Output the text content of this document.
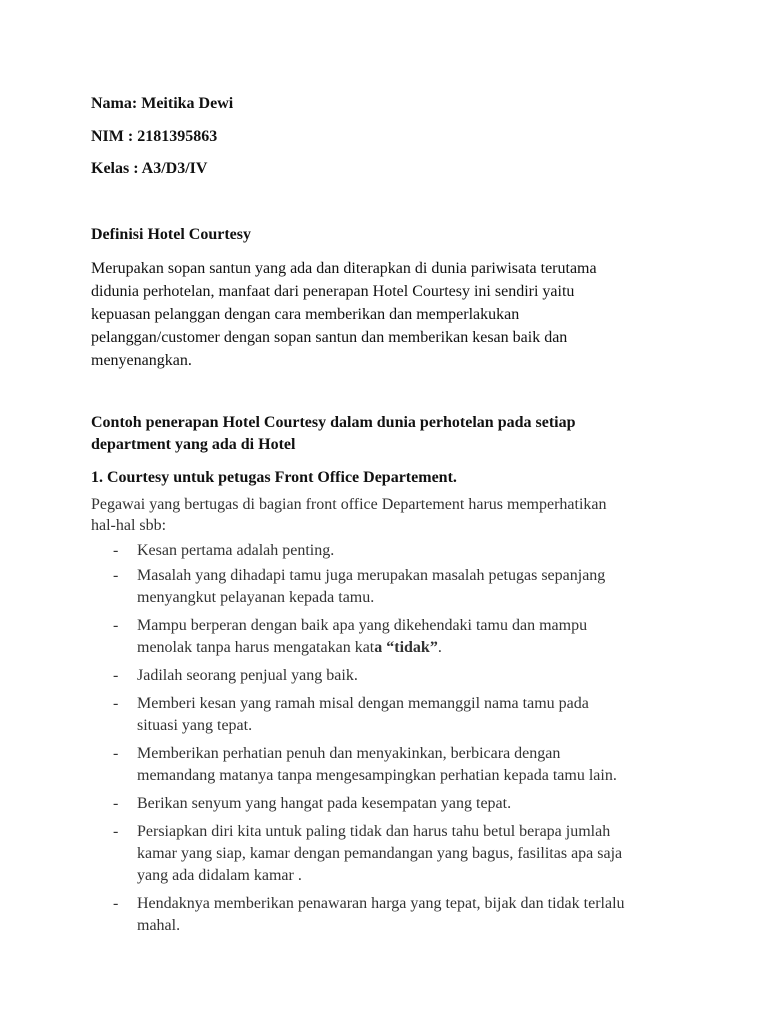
Nama: Meitika Dewi
NIM : 2181395863
Kelas : A3/D3/IV
Definisi Hotel Courtesy
Merupakan sopan santun yang ada dan diterapkan di dunia pariwisata terutama
didunia perhotelan, manfaat dari penerapan Hotel Courtesy ini sendiri yaitu
kepuasan pelanggan dengan cara memberikan dan memperlakukan
pelanggan/customer dengan sopan santun dan memberikan kesan baik dan
menyenangkan.
Contoh penerapan Hotel Courtesy dalam dunia perhotelan pada setiap
department yang ada di Hotel
1. Courtesy untuk petugas Front Office Departement.
Pegawai yang bertugas di bagian front office Departement harus memperhatikan
hal-hal sbb:
- Kesan pertama adalah penting.
- Masalah yang dihadapi tamu juga merupakan masalah petugas sepanjang
menyangkut pelayanan kepada tamu.
- Mampu berperan dengan baik apa yang dikehendaki tamu dan mampu
menolak tanpa harus mengatakan kata “tidak”.
- Jadilah seorang penjual yang baik.
- Memberi kesan yang ramah misal dengan memanggil nama tamu pada
situasi yang tepat.
- Memberikan perhatian penuh dan menyakinkan, berbicara dengan
memandang matanya tanpa mengesampingkan perhatian kepada tamu lain.
- Berikan senyum yang hangat pada kesempatan yang tepat.
- Persiapkan diri kita untuk paling tidak dan harus tahu betul berapa jumlah
kamar yang siap, kamar dengan pemandangan yang bagus, fasilitas apa saja
yang ada didalam kamar .
- Hendaknya memberikan penawaran harga yang tepat, bijak dan tidak terlalu
mahal.
